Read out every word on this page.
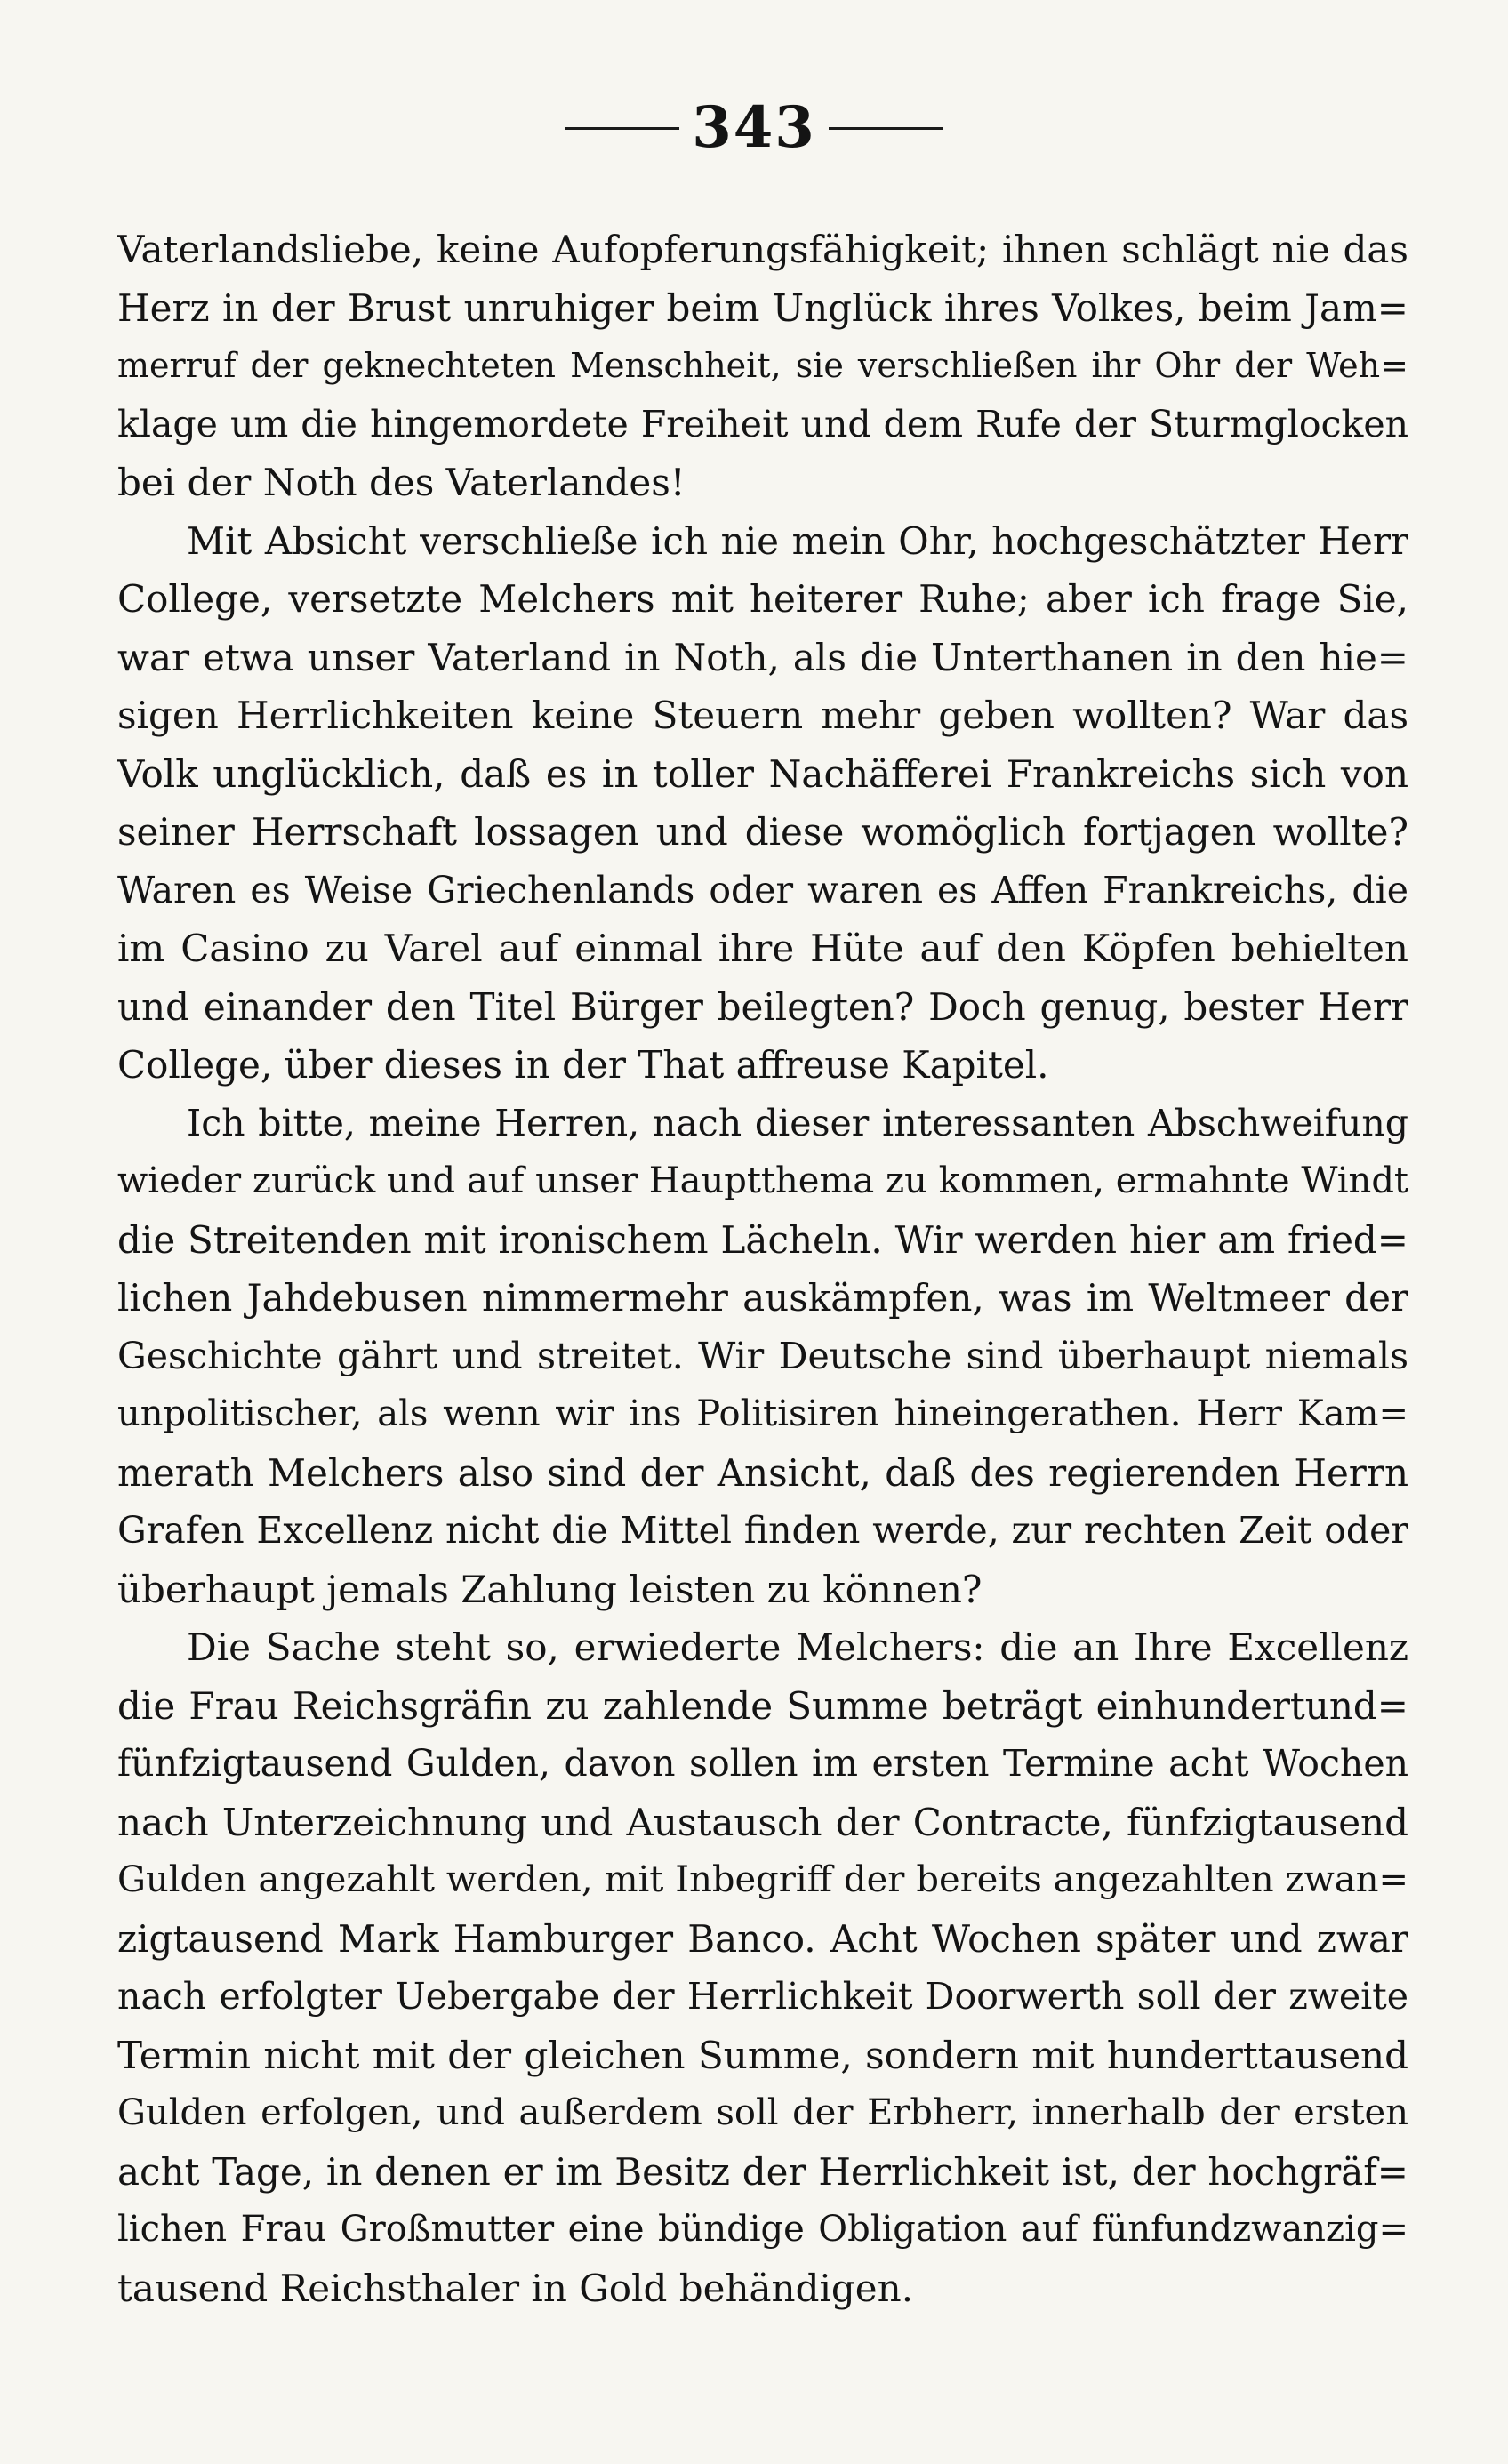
343
Vaterlandsliebe, keine Aufopferungsfähigkeit; ihnen schlägt nie das
Herz in der Brust unruhiger beim Unglück ihres Volkes, beim Jam=
merruf der geknechteten Menschheit, sie verschließen ihr Ohr der Weh=
klage um die hingemordete Freiheit und dem Rufe der Sturmglocken
bei der Noth des Vaterlandes!
Mit Absicht verschließe ich nie mein Ohr, hochgeschätzter Herr
College, versetzte Melchers mit heiterer Ruhe; aber ich frage Sie,
war etwa unser Vaterland in Noth, als die Unterthanen in den hie=
sigen Herrlichkeiten keine Steuern mehr geben wollten? War das
Volk unglücklich, daß es in toller Nachäfferei Frankreichs sich von
seiner Herrschaft lossagen und diese womöglich fortjagen wollte?
Waren es Weise Griechenlands oder waren es Affen Frankreichs, die
im Casino zu Varel auf einmal ihre Hüte auf den Köpfen behielten
und einander den Titel Bürger beilegten? Doch genug, bester Herr
College, über dieses in der That affreuse Kapitel.
Ich bitte, meine Herren, nach dieser interessanten Abschweifung
wieder zurück und auf unser Hauptthema zu kommen, ermahnte Windt
die Streitenden mit ironischem Lächeln. Wir werden hier am fried=
lichen Jahdebusen nimmermehr auskämpfen, was im Weltmeer der
Geschichte gährt und streitet. Wir Deutsche sind überhaupt niemals
unpolitischer, als wenn wir ins Politisiren hineingerathen. Herr Kam=
merath Melchers also sind der Ansicht, daß des regierenden Herrn
Grafen Excellenz nicht die Mittel finden werde, zur rechten Zeit oder
überhaupt jemals Zahlung leisten zu können?
Die Sache steht so, erwiederte Melchers: die an Ihre Excellenz
die Frau Reichsgräfin zu zahlende Summe beträgt einhundertund=
fünfzigtausend Gulden, davon sollen im ersten Termine acht Wochen
nach Unterzeichnung und Austausch der Contracte, fünfzigtausend
Gulden angezahlt werden, mit Inbegriff der bereits angezahlten zwan=
zigtausend Mark Hamburger Banco. Acht Wochen später und zwar
nach erfolgter Uebergabe der Herrlichkeit Doorwerth soll der zweite
Termin nicht mit der gleichen Summe, sondern mit hunderttausend
Gulden erfolgen, und außerdem soll der Erbherr, innerhalb der ersten
acht Tage, in denen er im Besitz der Herrlichkeit ist, der hochgräf=
lichen Frau Großmutter eine bündige Obligation auf fünfundzwanzig=
tausend Reichsthaler in Gold behändigen.
